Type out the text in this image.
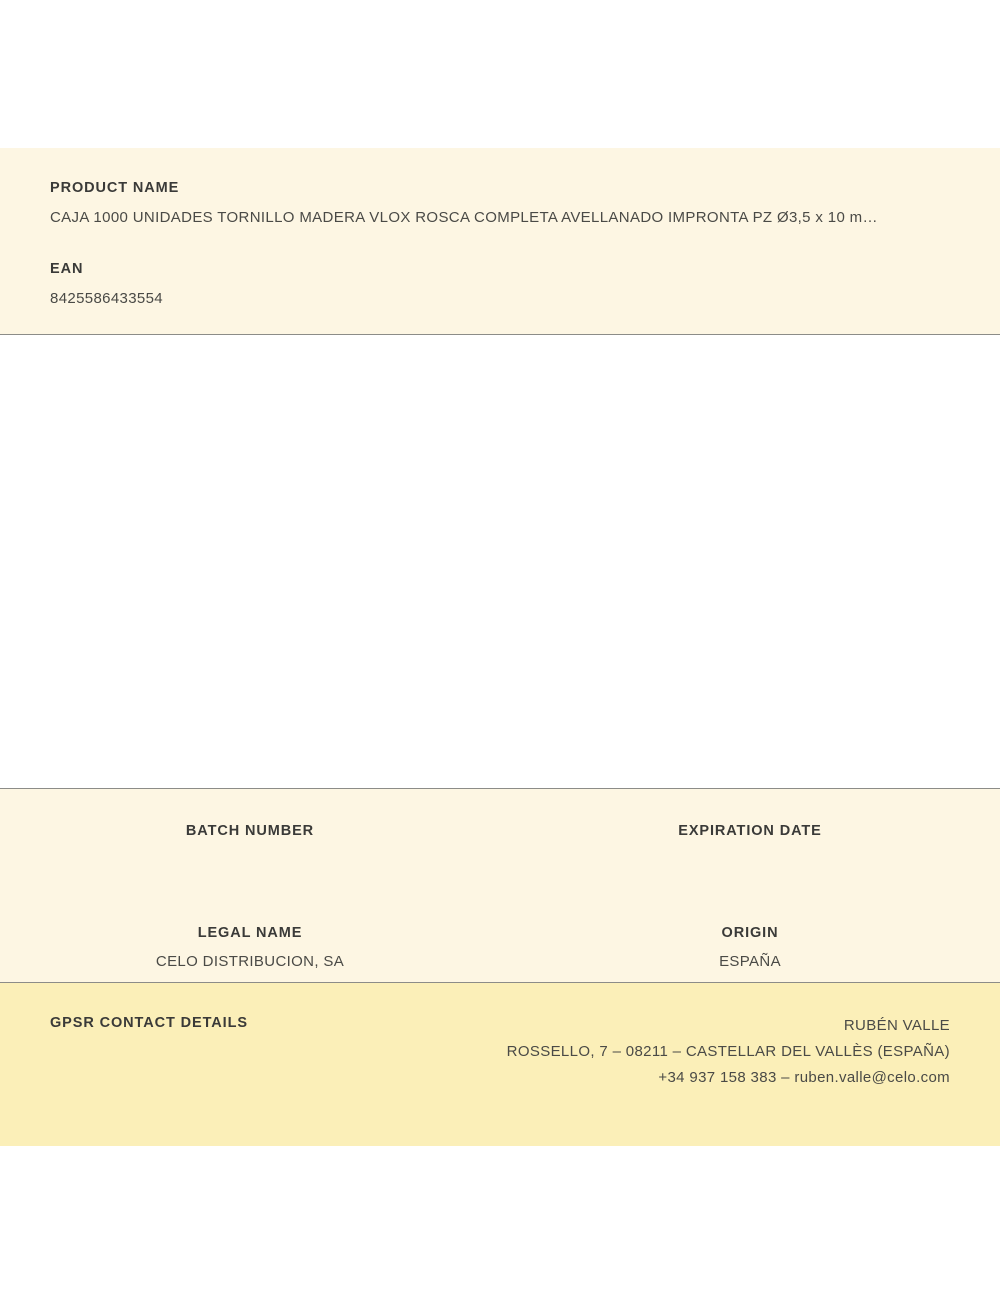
PRODUCT NAME

CAJA 1000 UNIDADES TORNILLO MADERA VLOX ROSCA COMPLETA AVELLANADO IMPRONTA PZ Ø3,5 x 10 m…

EAN

8425586433554

BATCH NUMBER	EXPIRATION DATE

LEGAL NAME	ORIGIN

CELO DISTRIBUCION, SA	ESPAÑA

GPSR CONTACT DETAILS	RUBÉN VALLE
ROSSELLO, 7 – 08211 – CASTELLAR DEL VALLÈS (ESPAÑA)
+34 937 158 383 – ruben.valle@celo.com
